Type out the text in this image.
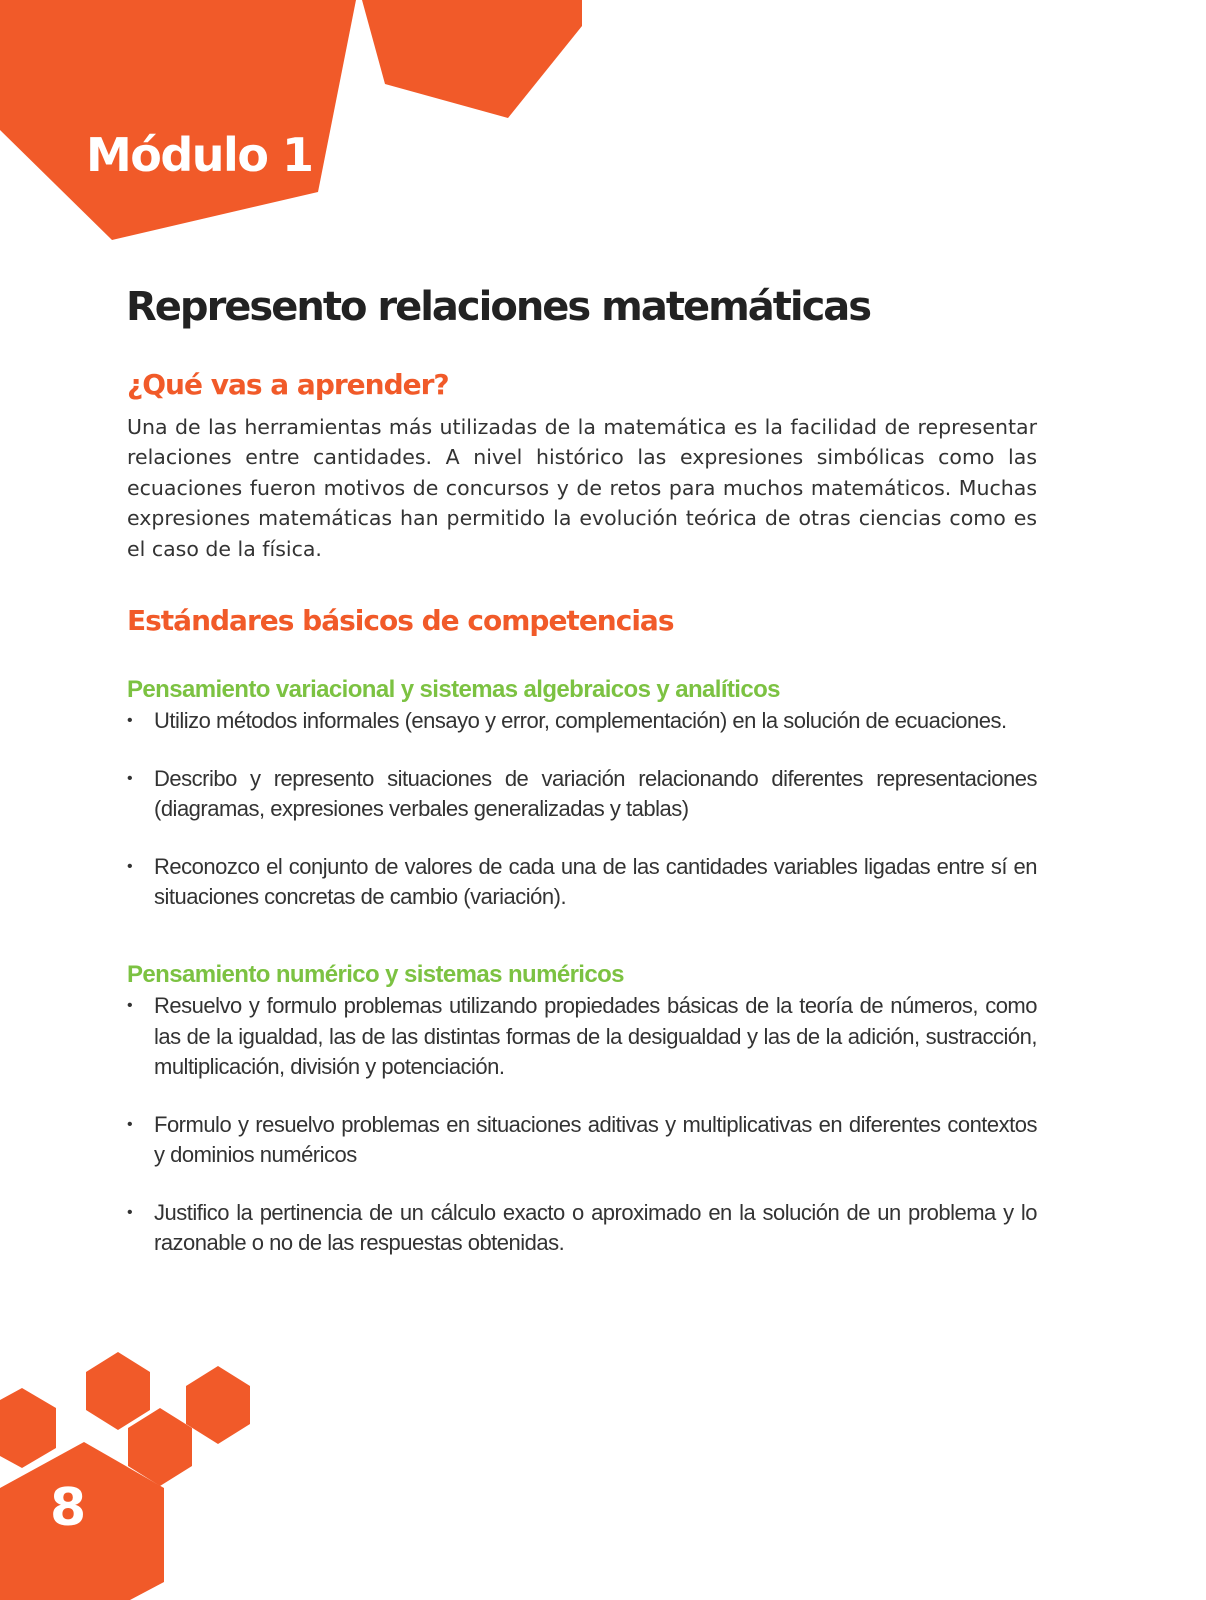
Módulo 1
Represento relaciones matemáticas
¿Qué vas a aprender?

Una de las herramientas más utilizadas de la matemática es la facilidad de representar relaciones entre cantidades. A nivel histórico las expresiones simbólicas como las ecuaciones fueron motivos de concursos y de retos para muchos matemáticos. Muchas expresiones matemáticas han permitido la evolución teórica de otras ciencias como es el caso de la física.

Estándares básicos de competencias
Pensamiento variacional y sistemas algebraicos y analíticos
• Utilizo métodos informales (ensayo y error, complementación) en la solución de ecuaciones.
• Describo y represento situaciones de variación relacionando diferentes representaciones (diagramas, expresiones verbales generalizadas y tablas)
• Reconozco el conjunto de valores de cada una de las cantidades variables ligadas entre sí en situaciones concretas de cambio (variación).
Pensamiento numérico y sistemas numéricos
• Resuelvo y formulo problemas utilizando propiedades básicas de la teoría de números, como las de la igualdad, las de las distintas formas de la desigualdad y las de la adición, sustracción, multiplicación, división y potenciación.
• Formulo y resuelvo problemas en situaciones aditivas y multiplicativas en diferentes contextos y dominios numéricos
• Justifico la pertinencia de un cálculo exacto o aproximado en la solución de un problema y lo razonable o no de las respuestas obtenidas.
8
